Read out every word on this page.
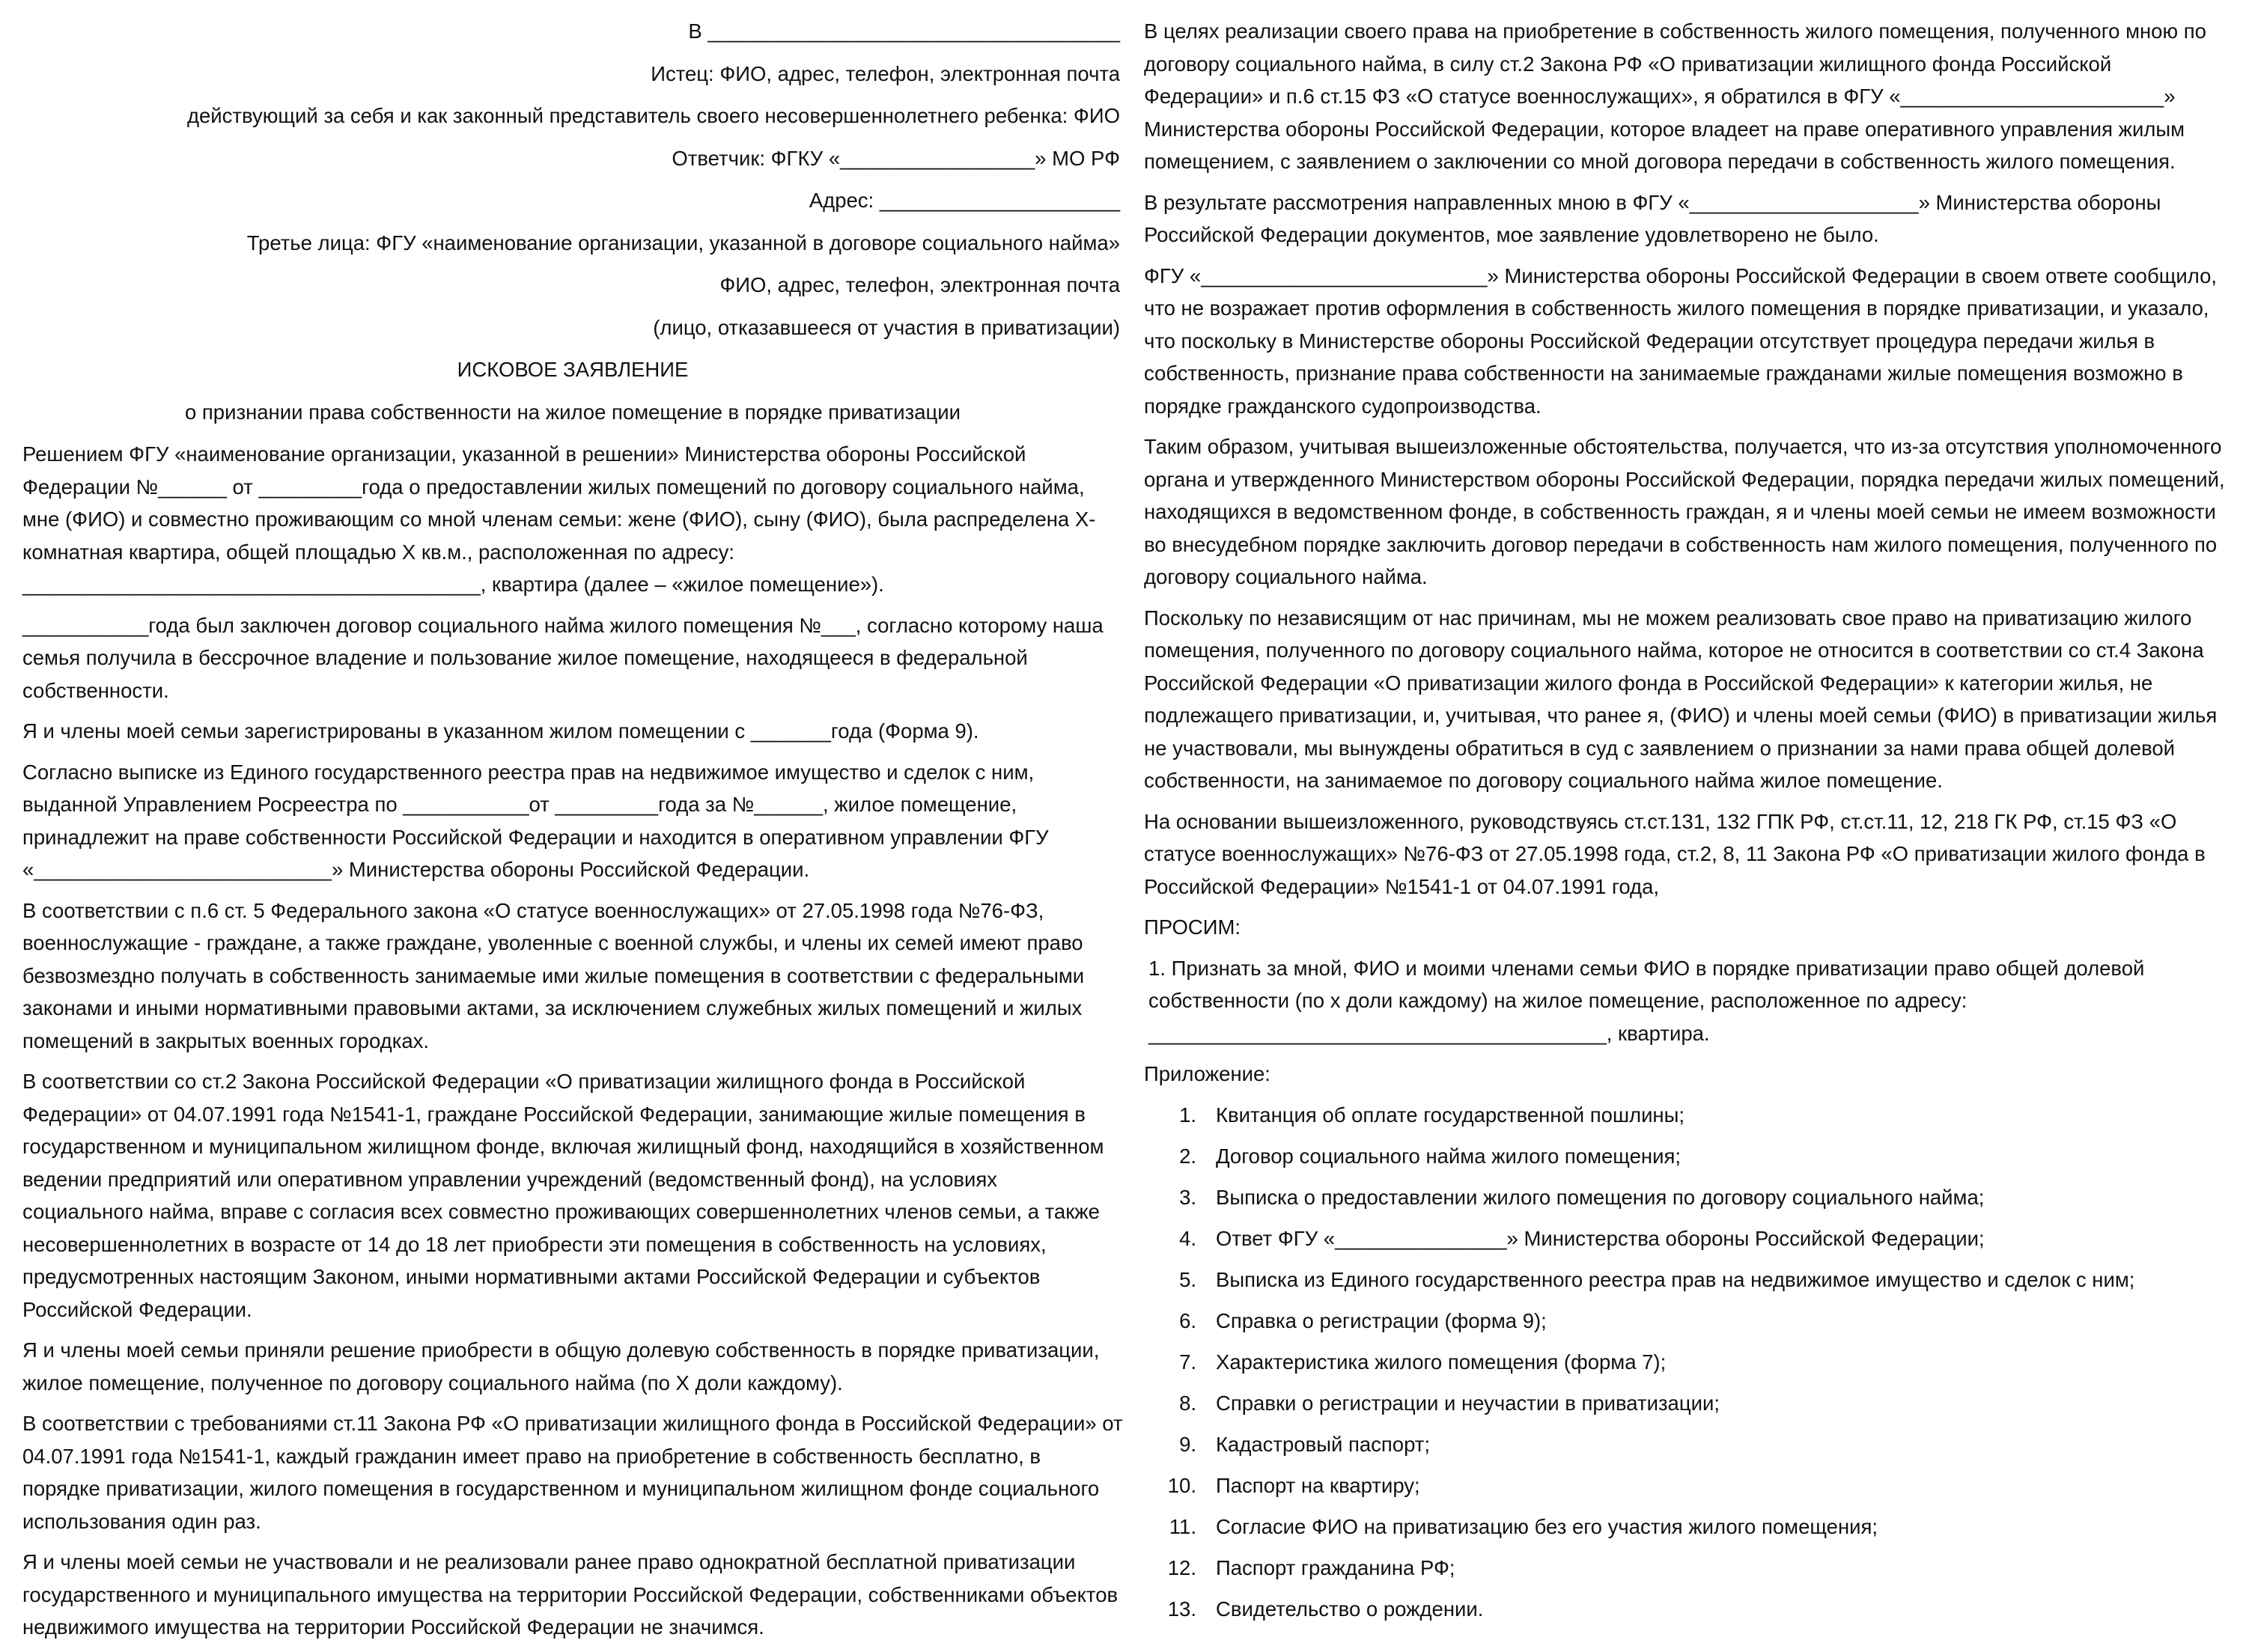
В ____________________________________
Истец: ФИО, адрес, телефон, электронная почта
действующий за себя и как законный представитель своего несовершеннолетнего ребенка: ФИО
Ответчик: ФГКУ «_________________» МО РФ
Адрес: _____________________
Третье лица: ФГУ «наименование организации, указанной в договоре социального найма»
ФИО, адрес, телефон, электронная почта
(лицо, отказавшееся от участия в приватизации)
ИСКОВОЕ ЗАЯВЛЕНИЕ
о признании права собственности на жилое помещение в порядке приватизации

Решением ФГУ «наименование организации, указанной в решении» Министерства обороны Российской Федерации №______ от _________года о предоставлении жилых помещений по договору социального найма, мне (ФИО) и совместно проживающим со мной членам семьи: жене (ФИО), сыну (ФИО), была распределена Х-комнатная квартира, общей площадью Х кв.м., расположенная по адресу: ________________________________________, квартира (далее – «жилое помещение»).

___________года был заключен договор социального найма жилого помещения №___, согласно которому наша семья получила в бессрочное владение и пользование жилое помещение, находящееся в федеральной собственности.

Я и члены моей семьи зарегистрированы в указанном жилом помещении с _______года (Форма 9).

Согласно выписке из Единого государственного реестра прав на недвижимое имущество и сделок с ним, выданной Управлением Росреестра по ___________от _________года за №______, жилое помещение, принадлежит на праве собственности Российской Федерации и находится в оперативном управлении ФГУ «__________________________» Министерства обороны Российской Федерации.

В соответствии с п.6 ст. 5 Федерального закона «О статусе военнослужащих» от 27.05.1998 года №76-ФЗ, военнослужащие - граждане, а также граждане, уволенные с военной службы, и члены их семей имеют право безвозмездно получать в собственность занимаемые ими жилые помещения в соответствии с федеральными законами и иными нормативными правовыми актами, за исключением служебных жилых помещений и жилых помещений в закрытых военных городках.

В соответствии со ст.2 Закона Российской Федерации «О приватизации жилищного фонда в Российской Федерации» от 04.07.1991 года №1541-1, граждане Российской Федерации, занимающие жилые помещения в государственном и муниципальном жилищном фонде, включая жилищный фонд, находящийся в хозяйственном ведении предприятий или оперативном управлении учреждений (ведомственный фонд), на условиях социального найма, вправе с согласия всех совместно проживающих совершеннолетних членов семьи, а также несовершеннолетних в возрасте от 14 до 18 лет приобрести эти помещения в собственность на условиях, предусмотренных настоящим Законом, иными нормативными актами Российской Федерации и субъектов Российской Федерации.

Я и члены моей семьи приняли решение приобрести в общую долевую собственность в порядке приватизации, жилое помещение, полученное по договору социального найма (по Х доли каждому).

В соответствии с требованиями ст.11 Закона РФ «О приватизации жилищного фонда в Российской Федерации» от 04.07.1991 года №1541-1, каждый гражданин имеет право на приобретение в собственность бесплатно, в порядке приватизации, жилого помещения в государственном и муниципальном жилищном фонде социального использования один раз.

Я и члены моей семьи не участвовали и не реализовали ранее право однократной бесплатной приватизации государственного и муниципального имущества на территории Российской Федерации, собственниками объектов недвижимого имущества на территории Российской Федерации не значимся.

В целях реализации своего права на приобретение в собственность жилого помещения, полученного мною по договору социального найма, в силу ст.2 Закона РФ «О приватизации жилищного фонда Российской Федерации» и п.6 ст.15 ФЗ «О статусе военнослужащих», я обратился в ФГУ «_______________________» Министерства обороны Российской Федерации, которое владеет на праве оперативного управления жилым помещением, с заявлением о заключении со мной договора передачи в собственность жилого помещения.

В результате рассмотрения направленных мною в ФГУ «____________________» Министерства обороны Российской Федерации документов, мое заявление удовлетворено не было.

ФГУ «_________________________» Министерства обороны Российской Федерации в своем ответе сообщило, что не возражает против оформления в собственность жилого помещения в порядке приватизации, и указало, что поскольку в Министерстве обороны Российской Федерации отсутствует процедура передачи жилья в собственность, признание права собственности на занимаемые гражданами жилые помещения возможно в порядке гражданского судопроизводства.

Таким образом, учитывая вышеизложенные обстоятельства, получается, что из-за отсутствия уполномоченного органа и утвержденного Министерством обороны Российской Федерации, порядка передачи жилых помещений, находящихся в ведомственном фонде, в собственность граждан, я и члены моей семьи не имеем возможности во внесудебном порядке заключить договор передачи в собственность нам жилого помещения, полученного по договору социального найма.

Поскольку по независящим от нас причинам, мы не можем реализовать свое право на приватизацию жилого помещения, полученного по договору социального найма, которое не относится в соответствии со ст.4 Закона Российской Федерации «О приватизации жилого фонда в Российской Федерации» к категории жилья, не подлежащего приватизации, и, учитывая, что ранее я, (ФИО) и члены моей семьи (ФИО) в приватизации жилья не участвовали, мы вынуждены обратиться в суд с заявлением о признании за нами права общей долевой собственности, на занимаемое по договору социального найма жилое помещение.

На основании вышеизложенного, руководствуясь ст.ст.131, 132 ГПК РФ, ст.ст.11, 12, 218 ГК РФ, ст.15 ФЗ «О статусе военнослужащих» №76-ФЗ от 27.05.1998 года, ст.2, 8, 11 Закона РФ «О приватизации жилого фонда в Российской Федерации» №1541-1 от 04.07.1991 года,

ПРОСИМ:

1. Признать за мной, ФИО и моими членами семьи ФИО в порядке приватизации право общей долевой собственности (по х доли каждому) на жилое помещение, расположенное по адресу: ________________________________________, квартира.

Приложение:

1. Квитанция об оплате государственной пошлины;
2. Договор социального найма жилого помещения;
3. Выписка о предоставлении жилого помещения по договору социального найма;
4. Ответ ФГУ «_______________» Министерства обороны Российской Федерации;
5. Выписка из Единого государственного реестра прав на недвижимое имущество и сделок с ним;
6. Справка о регистрации (форма 9);
7. Характеристика жилого помещения (форма 7);
8. Справки о регистрации и неучастии в приватизации;
9. Кадастровый паспорт;
10. Паспорт на квартиру;
11. Согласие ФИО на приватизацию без его участия жилого помещения;
12. Паспорт гражданина РФ;
13. Свидетельство о рождении.
